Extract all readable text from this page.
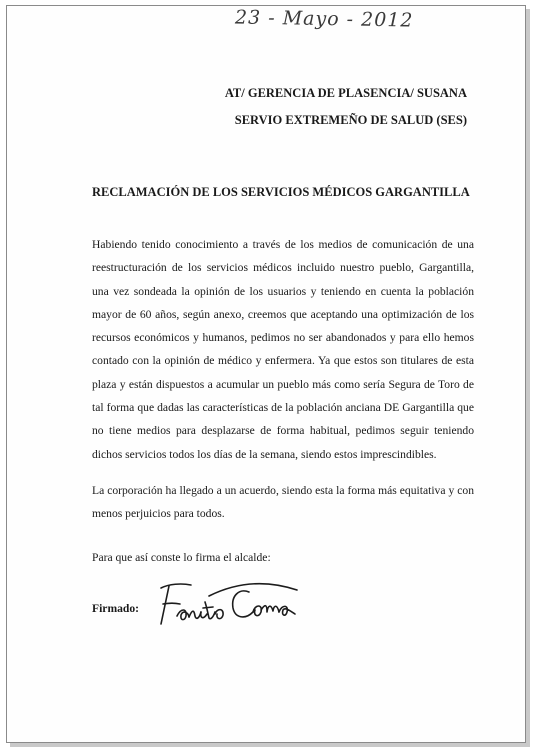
23 - Mayo - 2012
AT/ GERENCIA DE PLASENCIA/ SUSANA
SERVIO EXTREMEÑO DE SALUD (SES)
RECLAMACIÓN DE LOS SERVICIOS MÉDICOS GARGANTILLA

Habiendo tenido conocimiento a través de los medios de comunicación de una reestructuración de los servicios médicos incluido nuestro pueblo, Gargantilla, una vez sondeada la opinión de los usuarios y teniendo en cuenta la población mayor de 60 años, según anexo, creemos que aceptando una optimización de los recursos económicos y humanos, pedimos no ser abandonados y para ello hemos contado con la opinión de médico y enfermera. Ya que estos son titulares de esta plaza y están dispuestos a acumular un pueblo más como sería Segura de Toro de tal forma que dadas las características de la población anciana DE Gargantilla que no tiene medios para desplazarse de forma habitual, pedimos seguir teniendo dichos servicios todos los días de la semana, siendo estos imprescindibles.

La corporación ha llegado a un acuerdo, siendo esta la forma más equitativa y con menos perjuicios para todos.

Para que así conste lo firma el alcalde:
Firmado:
